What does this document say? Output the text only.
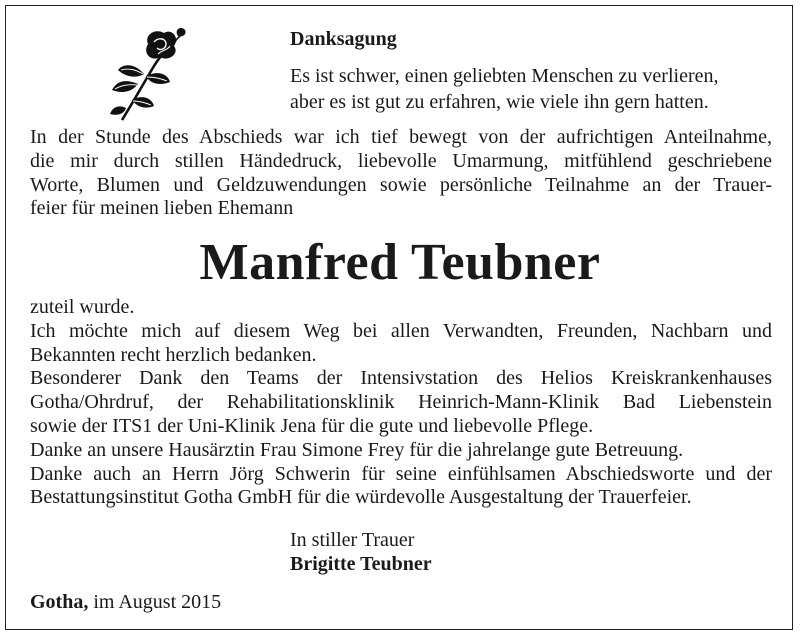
Danksagung
Es ist schwer, einen geliebten Menschen zu verlieren,
aber es ist gut zu erfahren, wie viele ihn gern hatten.
In der Stunde des Abschieds war ich tief bewegt von der aufrichtigen Anteilnahme,
die mir durch stillen Händedruck, liebevolle Umarmung, mitfühlend geschriebene
Worte, Blumen und Geldzuwendungen sowie persönliche Teilnahme an der Trauer-
feier für meinen lieben Ehemann
Manfred Teubner
zuteil wurde.
Ich möchte mich auf diesem Weg bei allen Verwandten, Freunden, Nachbarn und
Bekannten recht herzlich bedanken.
Besonderer Dank den Teams der Intensivstation des Helios Kreiskrankenhauses
Gotha/Ohrdruf, der Rehabilitationsklinik Heinrich-Mann-Klinik Bad Liebenstein
sowie der ITS1 der Uni-Klinik Jena für die gute und liebevolle Pflege.
Danke an unsere Hausärztin Frau Simone Frey für die jahrelange gute Betreuung.
Danke auch an Herrn Jörg Schwerin für seine einfühlsamen Abschiedsworte und der
Bestattungsinstitut Gotha GmbH für die würdevolle Ausgestaltung der Trauerfeier.
In stiller Trauer
Brigitte Teubner
Gotha, im August 2015
